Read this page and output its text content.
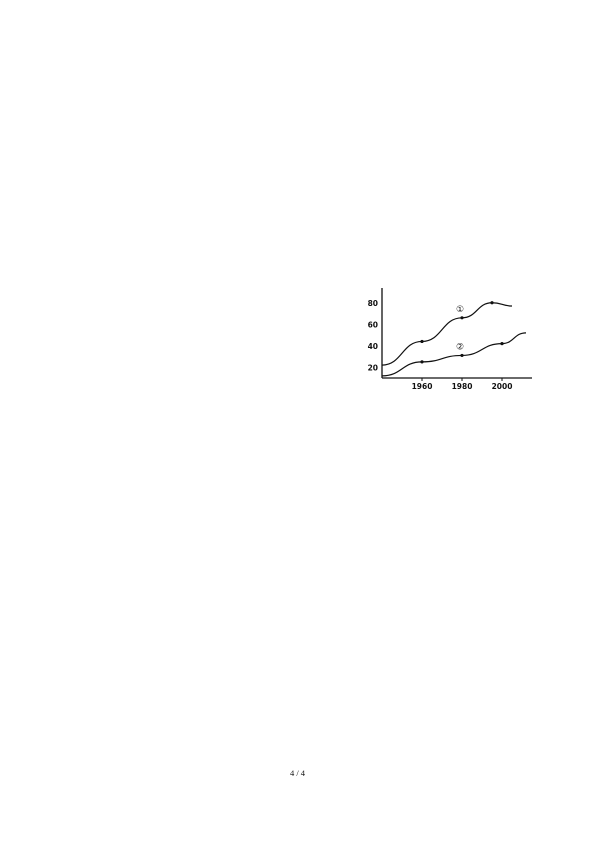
20
40
60
80
1960	1980	2000
①
②
4 / 4
